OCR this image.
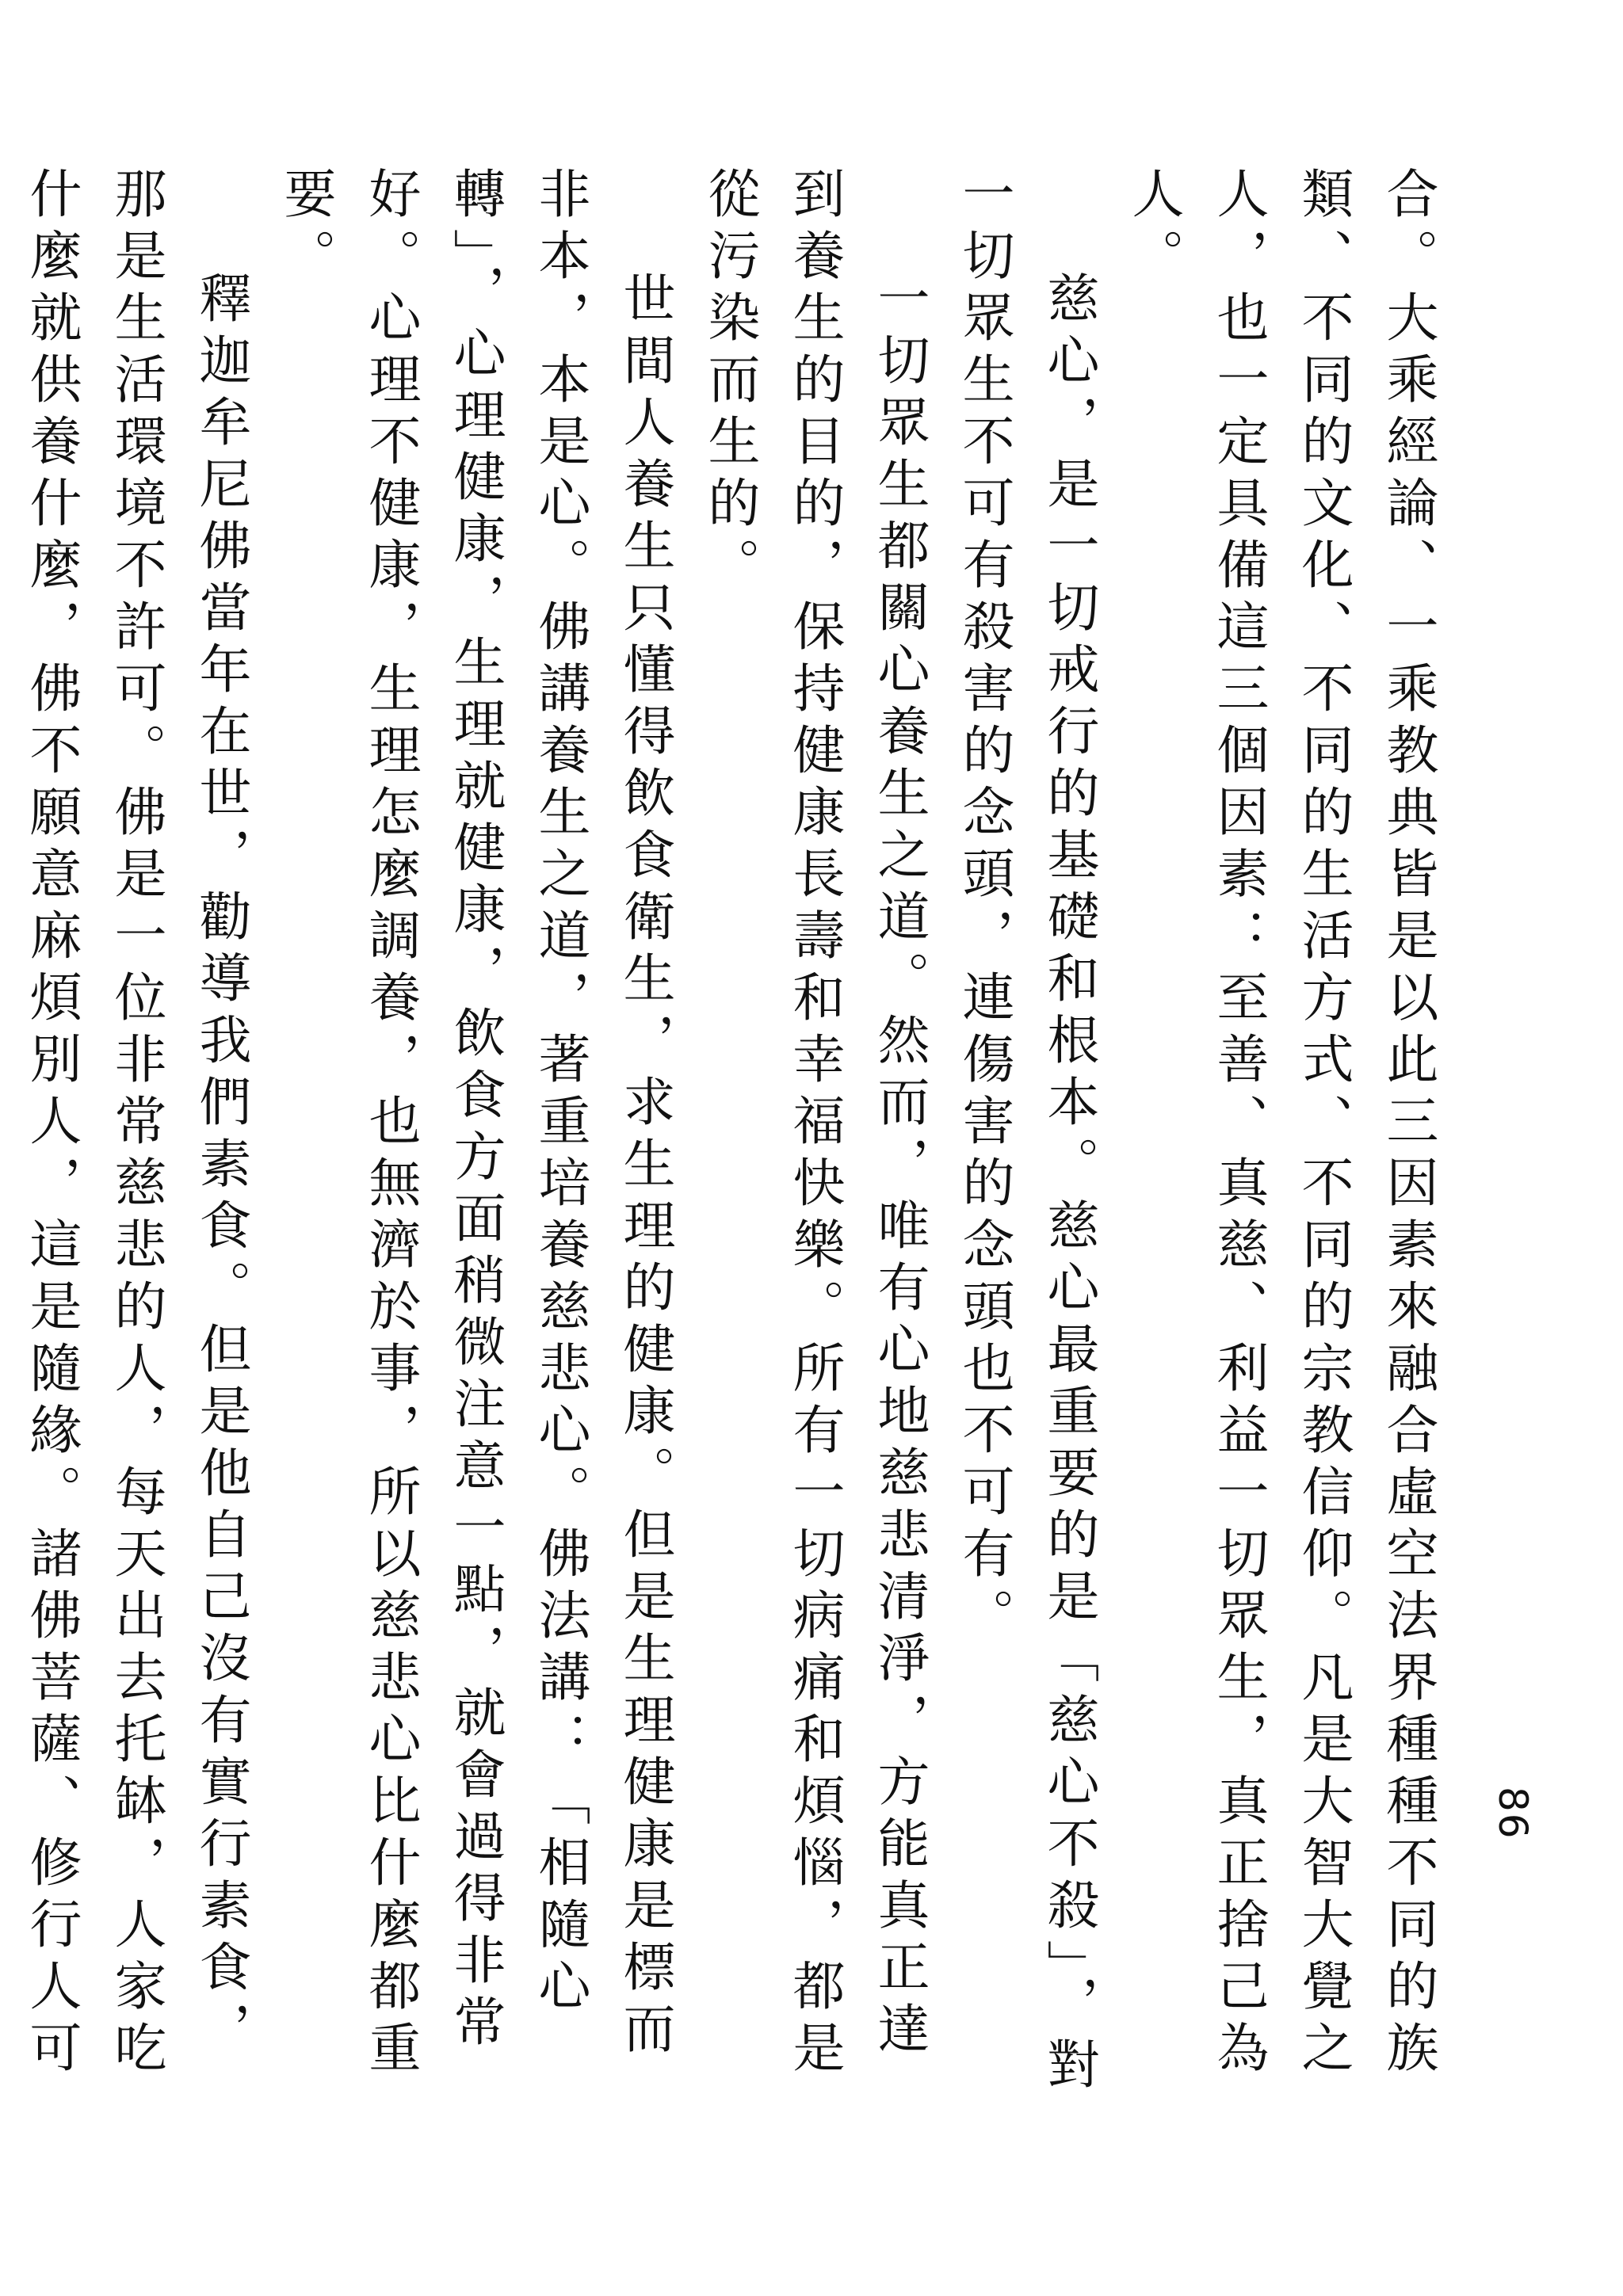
86

合。大乘經論、一乘教典皆是以此三因素來融合虛空法界種種不同的族類、不同的文化、不同的生活方式、不同的宗教信仰。凡是大智大覺之人，也一定具備這三個因素：至善、真慈、利益一切眾生，真正捨己為人。

慈心，是一切戒行的基礎和根本。慈心最重要的是「慈心不殺」，對一切眾生不可有殺害的念頭，連傷害的念頭也不可有。

一切眾生都關心養生之道。然而，唯有心地慈悲清淨，方能真正達到養生的目的，保持健康長壽和幸福快樂。所有一切病痛和煩惱，都是從污染而生的。

世間人養生只懂得飲食衛生，求生理的健康。但是生理健康是標而非本，本是心。佛講養生之道，著重培養慈悲心。佛法講：「相隨心轉」，心理健康，生理就健康，飲食方面稍微注意一點，就會過得非常好。心理不健康，生理怎麼調養，也無濟於事，所以慈悲心比什麼都重要。

釋迦牟尼佛當年在世，勸導我們素食。但是他自己沒有實行素食，那是生活環境不許可。佛是一位非常慈悲的人，每天出去托缽，人家吃什麼就供養什麼，佛不願意麻煩別人，這是隨緣。諸佛菩薩、修行人可
